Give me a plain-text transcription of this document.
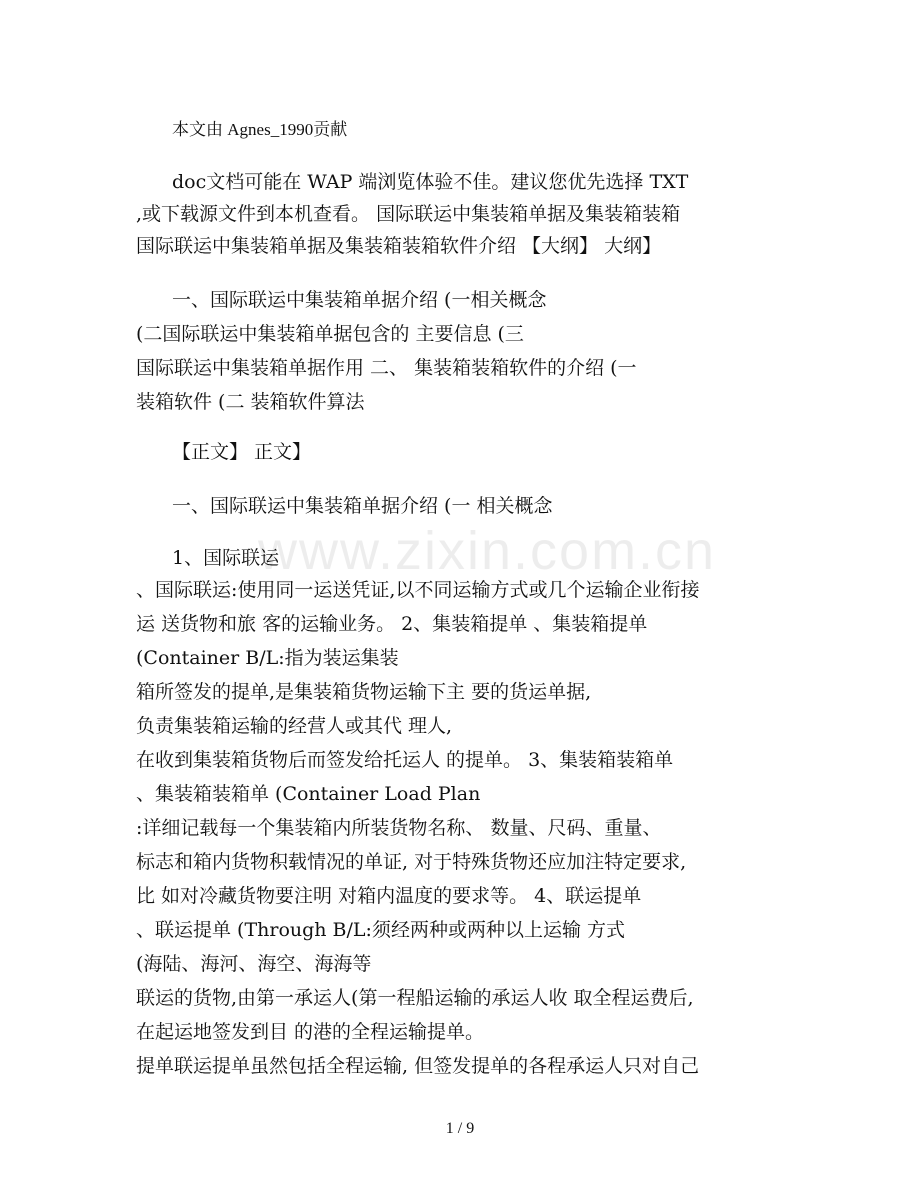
www.zixin.com.cn
本文由 Agnes_1990贡献
doc文档可能在 WAP 端浏览体验不佳。建议您优先选择 TXT
,或下载源文件到本机查看。 国际联运中集装箱单据及集装箱装箱
国际联运中集装箱单据及集装箱装箱软件介绍 【大纲】 大纲】
一、国际联运中集装箱单据介绍 (一相关概念
(二国际联运中集装箱单据包含的 主要信息 (三
国际联运中集装箱单据作用 二、 集装箱装箱软件的介绍 (一
装箱软件 (二 装箱软件算法
【正文】 正文】
一、国际联运中集装箱单据介绍 (一 相关概念
1、国际联运
、国际联运:使用同一运送凭证,以不同运输方式或几个运输企业衔接
运 送货物和旅 客的运输业务。 2、集装箱提单 、集装箱提单
(Container B/L:指为装运集装
箱所签发的提单,是集装箱货物运输下主 要的货运单据,
负责集装箱运输的经营人或其代 理人,
在收到集装箱货物后而签发给托运人 的提单。 3、集装箱装箱单
、集装箱装箱单 (Container Load Plan
:详细记载每一个集装箱内所装货物名称、 数量、尺码、重量、
标志和箱内货物积载情况的单证, 对于特殊货物还应加注特定要求,
比 如对冷藏货物要注明 对箱内温度的要求等。 4、联运提单
、联运提单 (Through B/L:须经两种或两种以上运输 方式
(海陆、海河、海空、海海等
联运的货物,由第一承运人(第一程船运输的承运人收 取全程运费后,
在起运地签发到目 的港的全程运输提单。
提单联运提单虽然包括全程运输, 但签发提单的各程承运人只对自己
1 / 9
